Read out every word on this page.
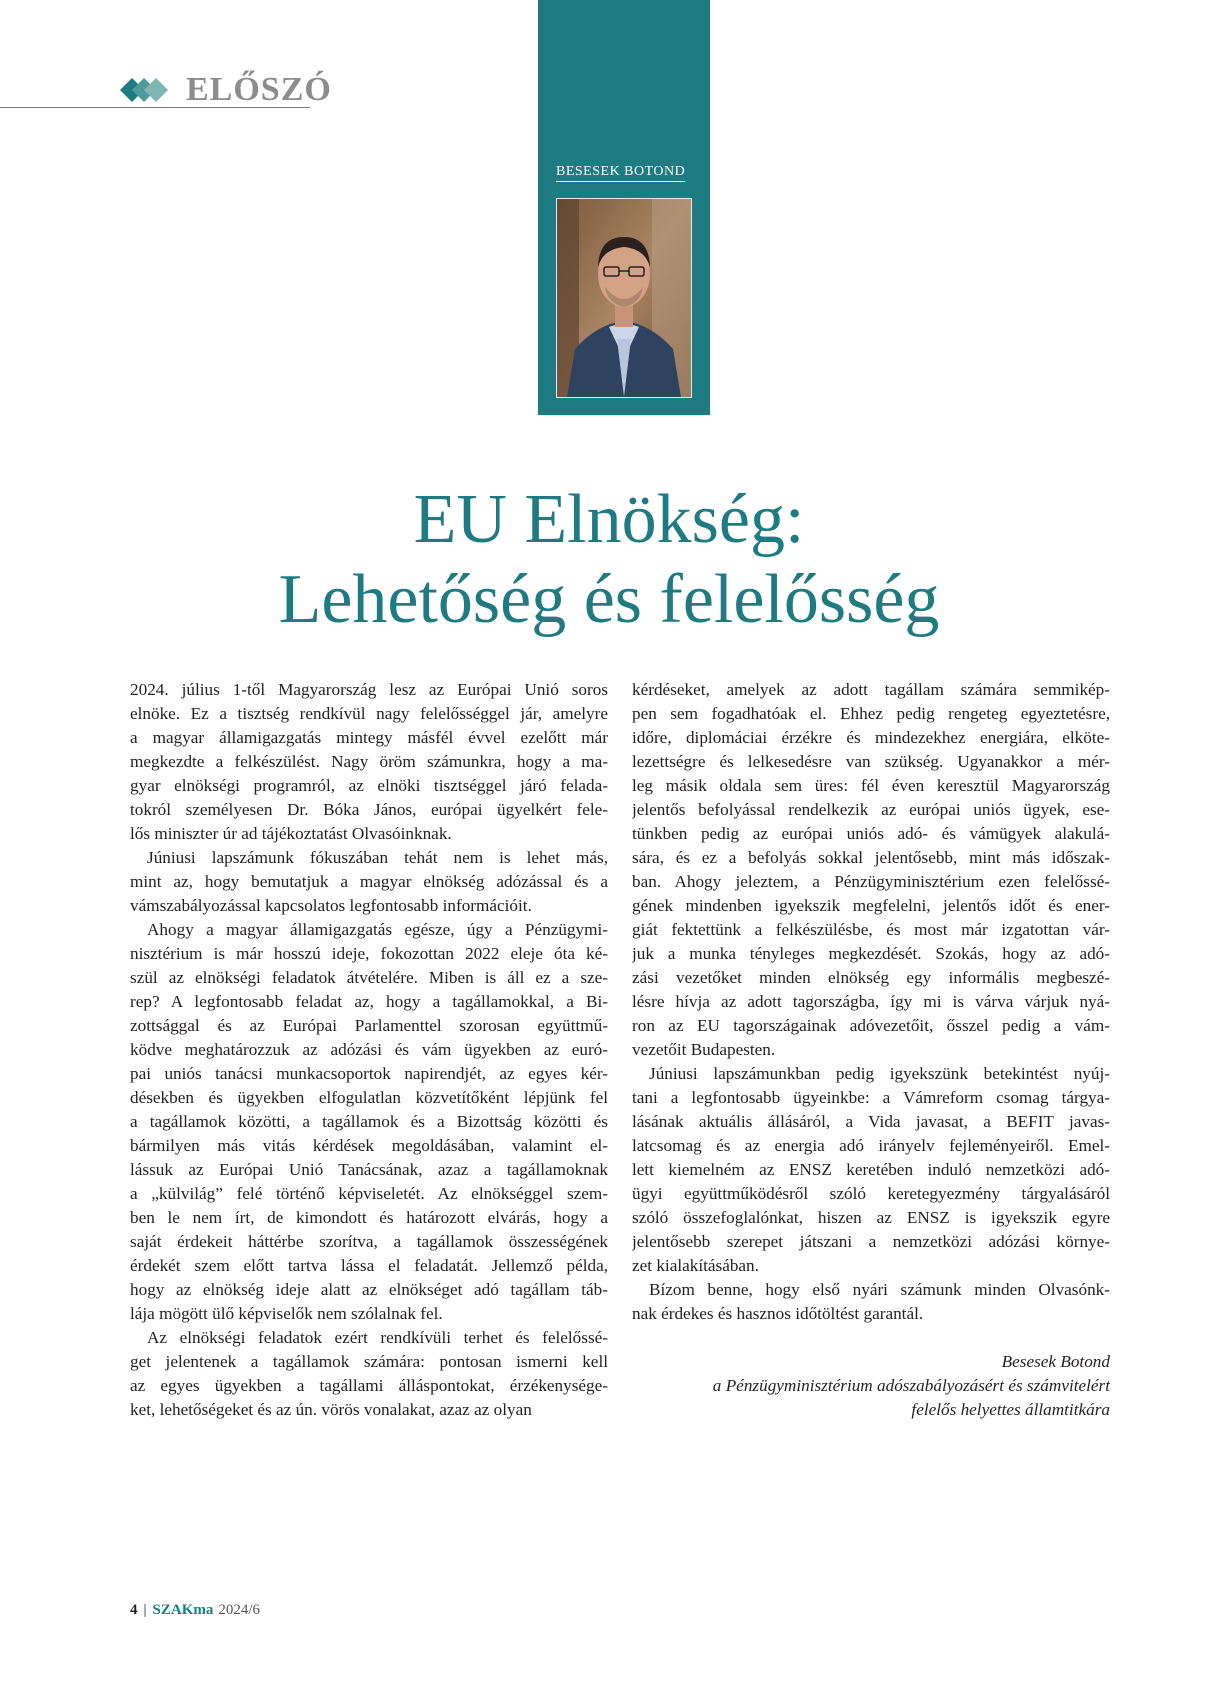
ELŐSZÓ
BESESEK BOTOND
EU Elnökség:
Lehetőség és felelősség
2024. július 1-től Magyarország lesz az Európai Unió soros
elnöke. Ez a tisztség rendkívül nagy felelősséggel jár, amelyre
a magyar államigazgatás mintegy másfél évvel ezelőtt már
megkezdte a felkészülést. Nagy öröm számunkra, hogy a ma-
gyar elnökségi programról, az elnöki tisztséggel járó felada-
tokról személyesen Dr. Bóka János, európai ügyelkért fele-
lős miniszter úr ad tájékoztatást Olvasóinknak.
Júniusi lapszámunk fókuszában tehát nem is lehet más,
mint az, hogy bemutatjuk a magyar elnökség adózással és a
vámszabályozással kapcsolatos legfontosabb információit.
Ahogy a magyar államigazgatás egésze, úgy a Pénzügymi-
nisztérium is már hosszú ideje, fokozottan 2022 eleje óta ké-
szül az elnökségi feladatok átvételére. Miben is áll ez a sze-
rep? A legfontosabb feladat az, hogy a tagállamokkal, a Bi-
zottsággal és az Európai Parlamenttel szorosan együttmű-
ködve meghatározzuk az adózási és vám ügyekben az euró-
pai uniós tanácsi munkacsoportok napirendjét, az egyes kér-
désekben és ügyekben elfogulatlan közvetítőként lépjünk fel
a tagállamok közötti, a tagállamok és a Bizottság közötti és
bármilyen más vitás kérdések megoldásában, valamint el-
lássuk az Európai Unió Tanácsának, azaz a tagállamoknak
a „külvilág” felé történő képviseletét. Az elnökséggel szem-
ben le nem írt, de kimondott és határozott elvárás, hogy a
saját érdekeit háttérbe szorítva, a tagállamok összességének
érdekét szem előtt tartva lássa el feladatát. Jellemző példa,
hogy az elnökség ideje alatt az elnökséget adó tagállam táb-
lája mögött ülő képviselők nem szólalnak fel.
Az elnökségi feladatok ezért rendkívüli terhet és felelőssé-
get jelentenek a tagállamok számára: pontosan ismerni kell
az egyes ügyekben a tagállami álláspontokat, érzékenysége-
ket, lehetőségeket és az ún. vörös vonalakat, azaz az olyan
kérdéseket, amelyek az adott tagállam számára semmikép-
pen sem fogadhatóak el. Ehhez pedig rengeteg egyeztetésre,
időre, diplomáciai érzékre és mindezekhez energiára, elköte-
lezettségre és lelkesedésre van szükség. Ugyanakkor a mér-
leg másik oldala sem üres: fél éven keresztül Magyarország
jelentős befolyással rendelkezik az európai uniós ügyek, ese-
tünkben pedig az európai uniós adó- és vámügyek alakulá-
sára, és ez a befolyás sokkal jelentősebb, mint más időszak-
ban. Ahogy jeleztem, a Pénzügyminisztérium ezen felelőssé-
gének mindenben igyekszik megfelelni, jelentős időt és ener-
giát fektettünk a felkészülésbe, és most már izgatottan vár-
juk a munka tényleges megkezdését. Szokás, hogy az adó-
zási vezetőket minden elnökség egy informális megbeszé-
lésre hívja az adott tagországba, így mi is várva várjuk nyá-
ron az EU tagországainak adóvezetőit, ősszel pedig a vám-
vezetőit Budapesten.
Júniusi lapszámunkban pedig igyekszünk betekintést nyúj-
tani a legfontosabb ügyeinkbe: a Vámreform csomag tárgya-
lásának aktuális állásáról, a Vida javasat, a BEFIT javas-
latcsomag és az energia adó irányelv fejleményeiről. Emel-
lett kiemelném az ENSZ keretében induló nemzetközi adó-
ügyi együttműködésről szóló keretegyezmény tárgyalásáról
szóló összefoglalónkat, hiszen az ENSZ is igyekszik egyre
jelentősebb szerepet játszani a nemzetközi adózási környe-
zet kialakításában.
Bízom benne, hogy első nyári számunk minden Olvasónk-
nak érdekes és hasznos időtöltést garantál.
Besesek Botond
a Pénzügyminisztérium adószabályozásért és számvitelért
felelős helyettes államtitkára
4 | SZAKma 2024/6
